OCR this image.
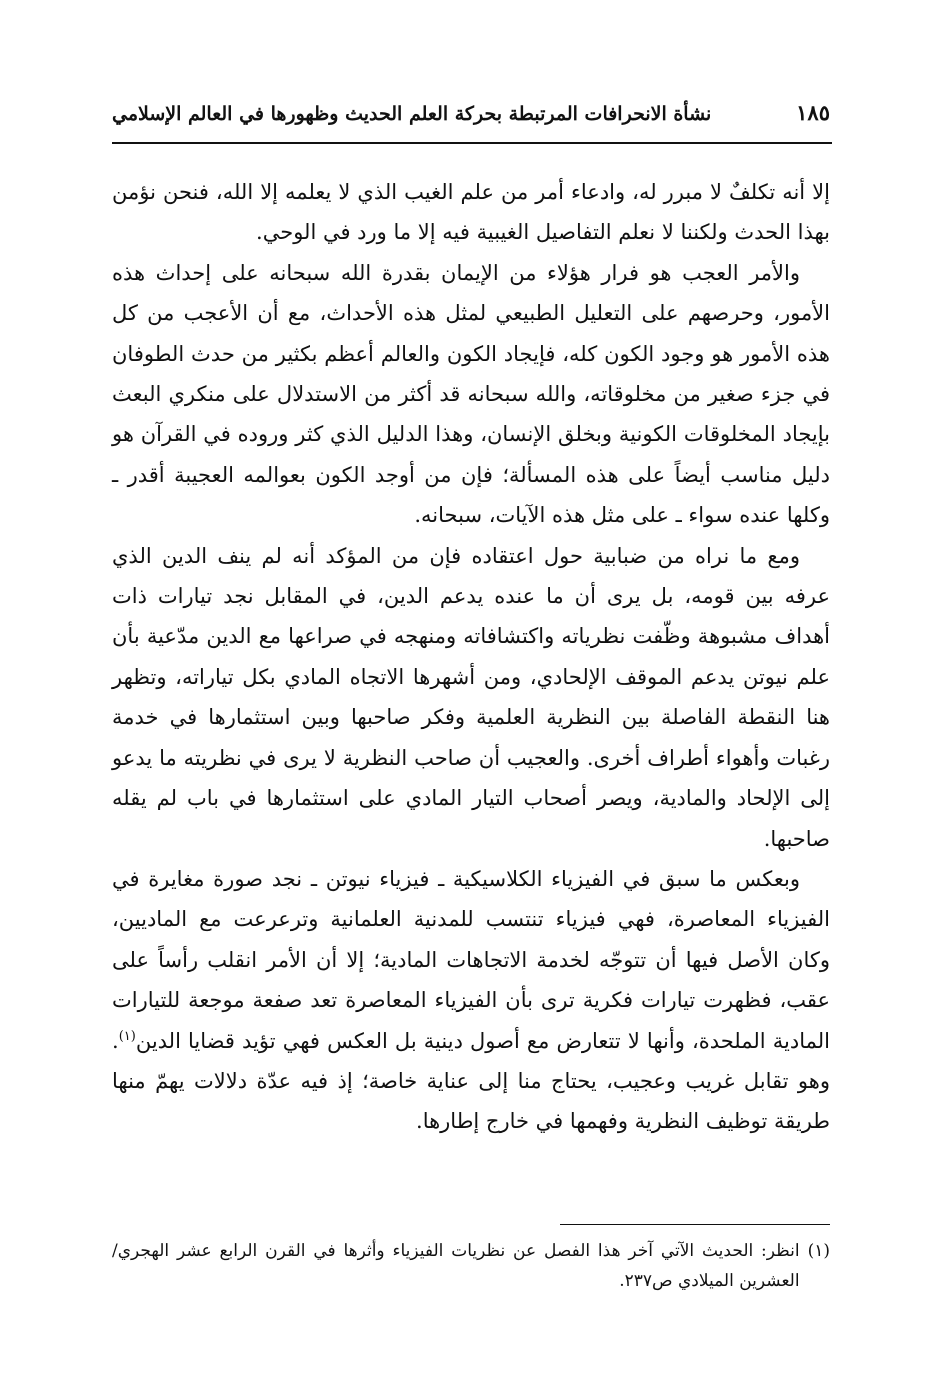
نشأة الانحرافات المرتبطة بحركة العلم الحديث وظهورها في العالم الإسلامي	١٨٥

إلا أنه تكلفٌ لا مبرر له، وادعاء أمر من علم الغيب الذي لا يعلمه إلا الله، فنحن نؤمن بهذا الحدث ولكننا لا نعلم التفاصيل الغيبية فيه إلا ما ورد في الوحي.

والأمر العجب هو فرار هؤلاء من الإيمان بقدرة الله سبحانه على إحداث هذه الأمور، وحرصهم على التعليل الطبيعي لمثل هذه الأحداث، مع أن الأعجب من كل هذه الأمور هو وجود الكون كله، فإيجاد الكون والعالم أعظم بكثير من حدث الطوفان في جزء صغير من مخلوقاته، والله سبحانه قد أكثر من الاستدلال على منكري البعث بإيجاد المخلوقات الكونية وبخلق الإنسان، وهذا الدليل الذي كثر وروده في القرآن هو دليل مناسب أيضاً على هذه المسألة؛ فإن من أوجد الكون بعوالمه العجيبة أقدر ـ وكلها عنده سواء ـ على مثل هذه الآيات، سبحانه.

ومع ما نراه من ضبابية حول اعتقاده فإن من المؤكد أنه لم ينف الدين الذي عرفه بين قومه، بل يرى أن ما عنده يدعم الدين، في المقابل نجد تيارات ذات أهداف مشبوهة وظّفت نظرياته واكتشافاته ومنهجه في صراعها مع الدين مدّعية بأن علم نيوتن يدعم الموقف الإلحادي، ومن أشهرها الاتجاه المادي بكل تياراته، وتظهر هنا النقطة الفاصلة بين النظرية العلمية وفكر صاحبها وبين استثمارها في خدمة رغبات وأهواء أطراف أخرى. والعجيب أن صاحب النظرية لا يرى في نظريته ما يدعو إلى الإلحاد والمادية، ويصر أصحاب التيار المادي على استثمارها في باب لم يقله صاحبها.

وبعكس ما سبق في الفيزياء الكلاسيكية ـ فيزياء نيوتن ـ نجد صورة مغايرة في الفيزياء المعاصرة، فهي فيزياء تنتسب للمدنية العلمانية وترعرعت مع الماديين، وكان الأصل فيها أن تتوجّه لخدمة الاتجاهات المادية؛ إلا أن الأمر انقلب رأساً على عقب، فظهرت تيارات فكرية ترى بأن الفيزياء المعاصرة تعد صفعة موجعة للتيارات المادية الملحدة، وأنها لا تتعارض مع أصول دينية بل العكس فهي تؤيد قضايا الدين$^{(١)}$. وهو تقابل غريب وعجيب، يحتاج منا إلى عناية خاصة؛ إذ فيه عدّة دلالات يهمّ منها طريقة توظيف النظرية وفهمها في خارج إطارها.

(١)
انظر: الحديث الآتي آخر هذا الفصل عن نظريات الفيزياء وأثرها في القرن الرابع عشر الهجري/العشرين الميلادي ص٢٣٧.
